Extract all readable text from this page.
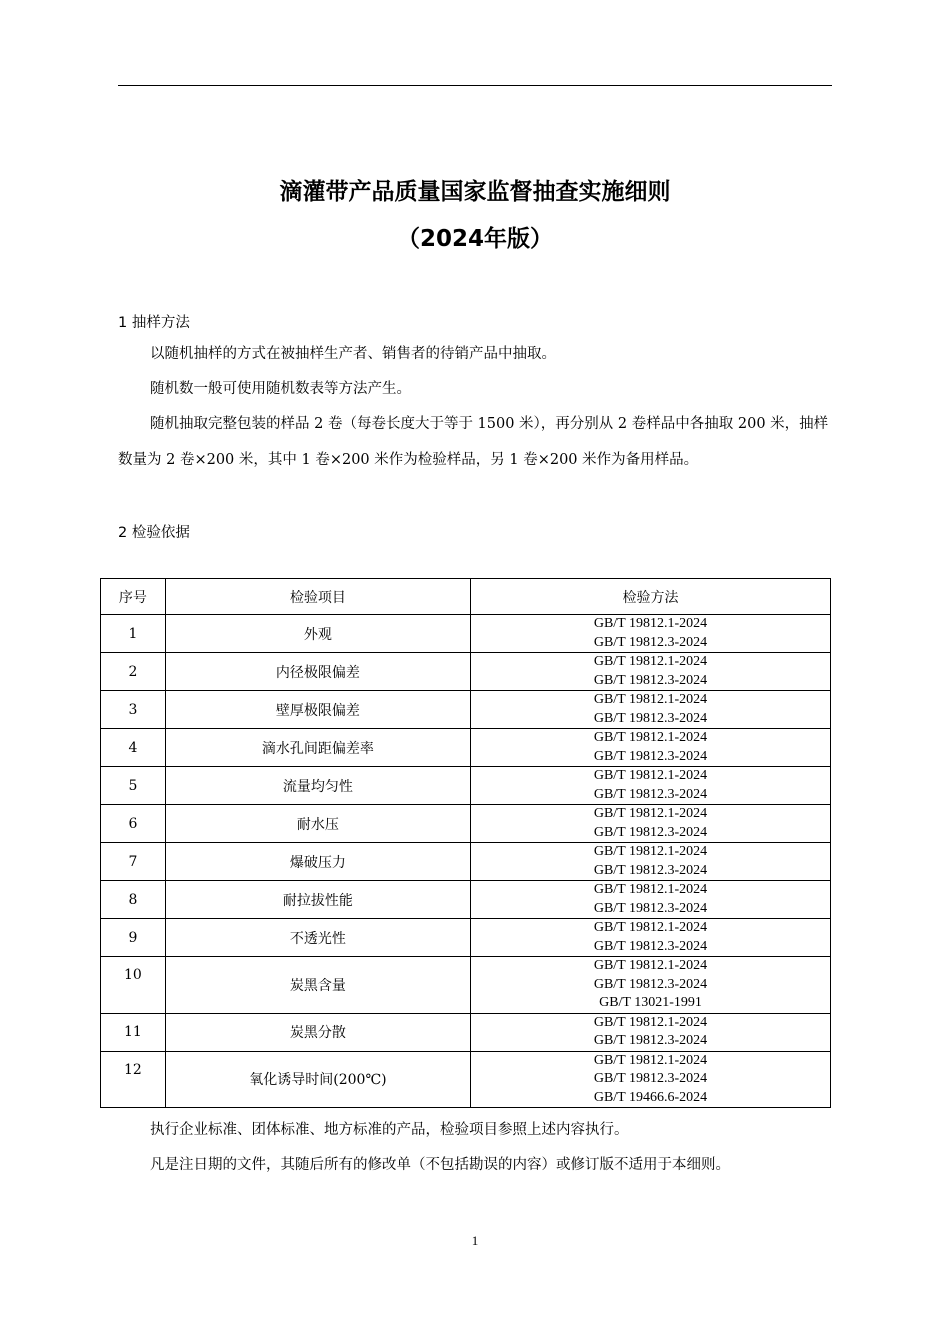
滴灌带产品质量国家监督抽查实施细则
（2024年版）
1 抽样方法
以随机抽样的方式在被抽样生产者、销售者的待销产品中抽取。
随机数一般可使用随机数表等方法产生。
随机抽取完整包装的样品 2 卷（每卷长度大于等于 1500 米），再分别从 2 卷样品中各抽取 200 米，抽样数量为 2 卷×200 米，其中 1 卷×200 米作为检验样品，另 1 卷×200 米作为备用样品。
2 检验依据
序号	检验项目	检验方法
1	外观	GB/T 19812.1-2024
GB/T 19812.3-2024

2	内径极限偏差	GB/T 19812.1-2024
GB/T 19812.3-2024

3	壁厚极限偏差	GB/T 19812.1-2024
GB/T 19812.3-2024

4	滴水孔间距偏差率	GB/T 19812.1-2024
GB/T 19812.3-2024

5	流量均匀性	GB/T 19812.1-2024
GB/T 19812.3-2024

6	耐水压	GB/T 19812.1-2024
GB/T 19812.3-2024

7	爆破压力	GB/T 19812.1-2024
GB/T 19812.3-2024

8	耐拉拔性能	GB/T 19812.1-2024
GB/T 19812.3-2024

9	不透光性	GB/T 19812.1-2024
GB/T 19812.3-2024

10	炭黑含量	GB/T 19812.1-2024
GB/T 19812.3-2024
GB/T 13021-1991

11	炭黑分散	GB/T 19812.1-2024
GB/T 19812.3-2024

12	氧化诱导时间(200℃)	GB/T 19812.1-2024
GB/T 19812.3-2024
GB/T 19466.6-2024
执行企业标准、团体标准、地方标准的产品，检验项目参照上述内容执行。
凡是注日期的文件，其随后所有的修改单（不包括勘误的内容）或修订版不适用于本细则。
1
